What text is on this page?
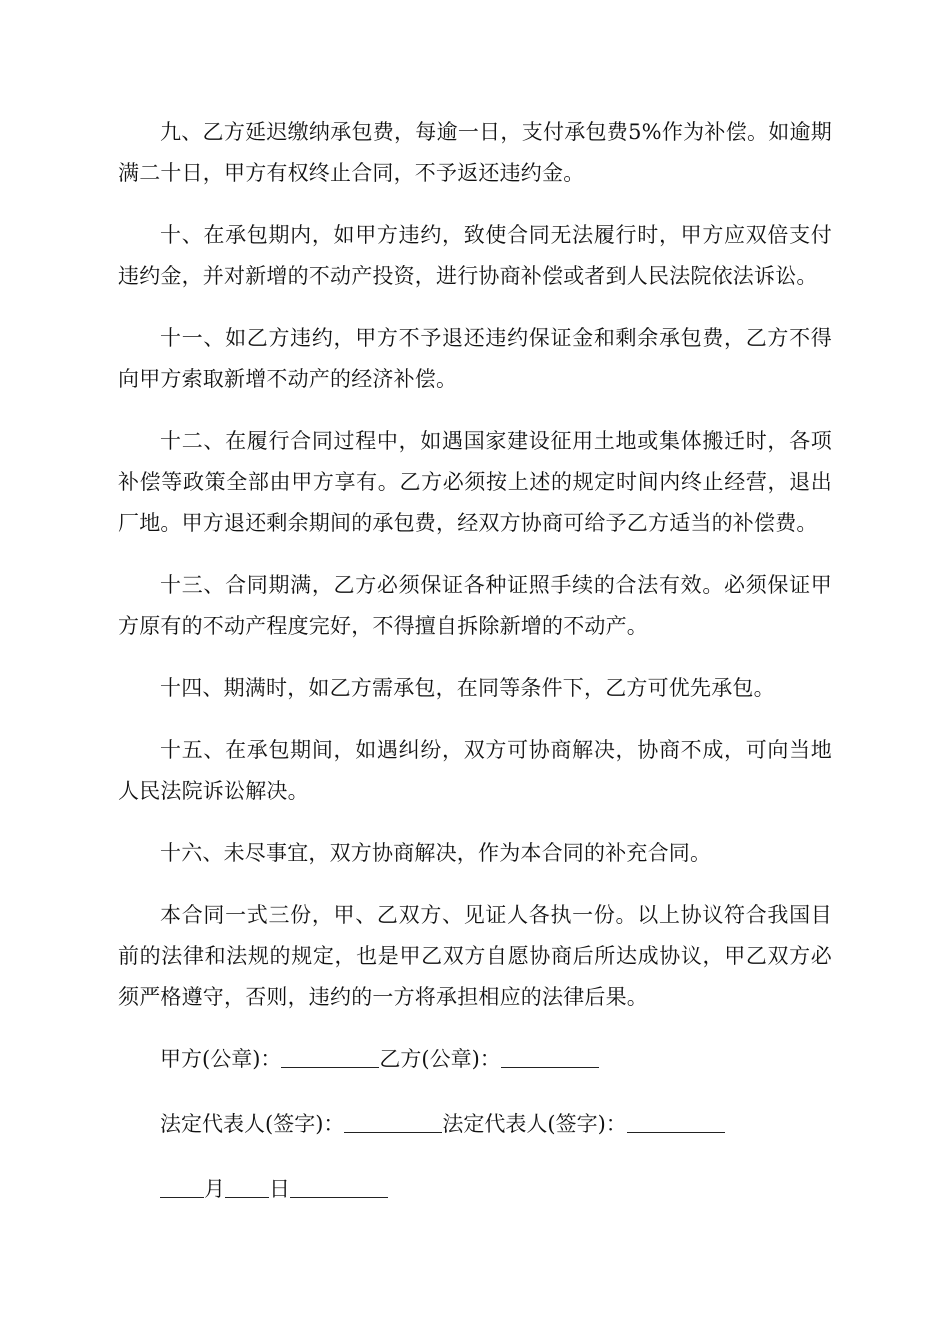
九、乙方延迟缴纳承包费，每逾一日，支付承包费5%作为补偿。如逾期满二十日，甲方有权终止合同，不予返还违约金。

十、在承包期内，如甲方违约，致使合同无法履行时，甲方应双倍支付违约金，并对新增的不动产投资，进行协商补偿或者到人民法院依法诉讼。

十一、如乙方违约，甲方不予退还违约保证金和剩余承包费，乙方不得向甲方索取新增不动产的经济补偿。

十二、在履行合同过程中，如遇国家建设征用土地或集体搬迁时，各项补偿等政策全部由甲方享有。乙方必须按上述的规定时间内终止经营，退出厂地。甲方退还剩余期间的承包费，经双方协商可给予乙方适当的补偿费。

十三、合同期满，乙方必须保证各种证照手续的合法有效。必须保证甲方原有的不动产程度完好，不得擅自拆除新增的不动产。

十四、期满时，如乙方需承包，在同等条件下，乙方可优先承包。

十五、在承包期间，如遇纠纷，双方可协商解决，协商不成，可向当地人民法院诉讼解决。

十六、未尽事宜，双方协商解决，作为本合同的补充合同。

本合同一式三份，甲、乙双方、见证人各执一份。以上协议符合我国目前的法律和法规的规定，也是甲乙双方自愿协商后所达成协议，甲乙双方必须严格遵守，否则，违约的一方将承担相应的法律后果。

甲方(公章)：	乙方(公章)：
法定代表人(签字)：	法定代表人(签字)：
月 日
